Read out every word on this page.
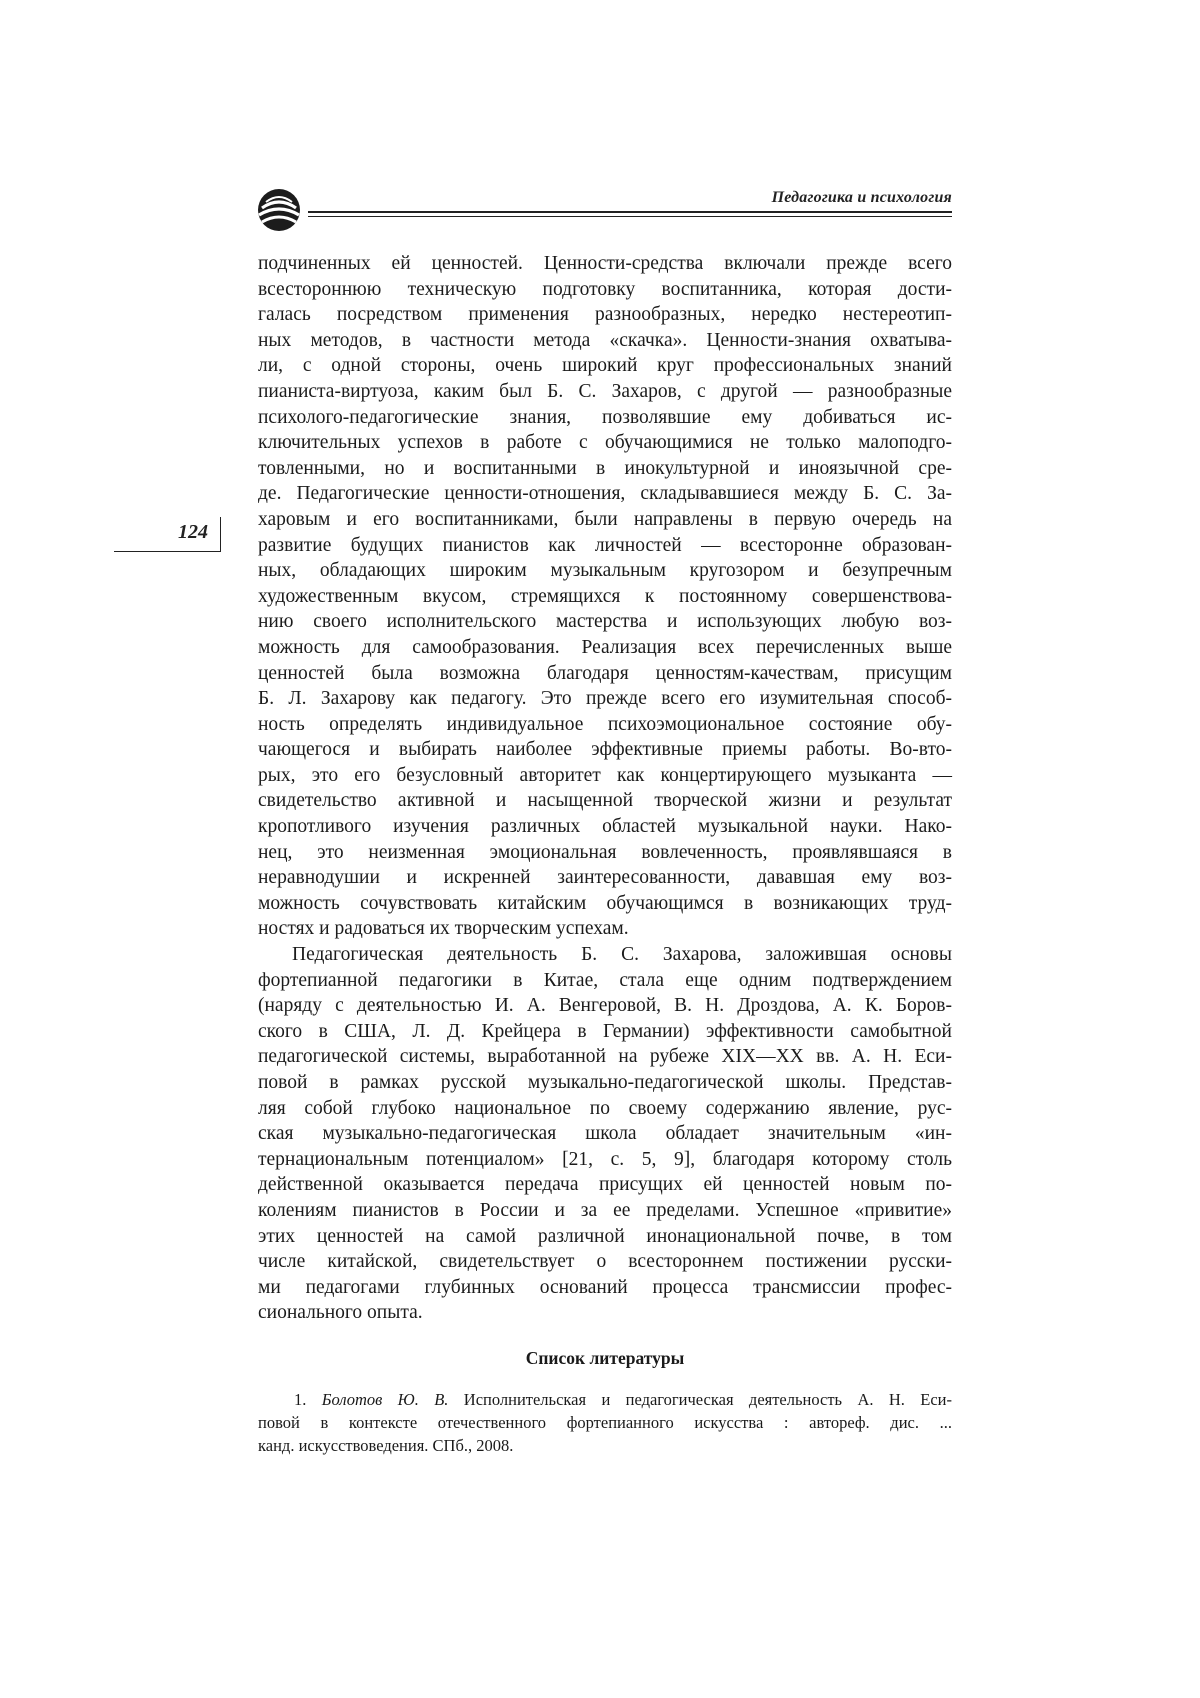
Педагогика и психология
124
подчиненных ей ценностей. Ценности-средства включали прежде всего
всестороннюю техническую подготовку воспитанника, которая дости-
галась посредством применения разнообразных, нередко нестереотип-
ных методов, в частности метода «скачка». Ценности-знания охватыва-
ли, с одной стороны, очень широкий круг профессиональных знаний
пианиста-виртуоза, каким был Б. С. Захаров, с другой — разнообразные
психолого-педагогические знания, позволявшие ему добиваться ис-
ключительных успехов в работе с обучающимися не только малоподго-
товленными, но и воспитанными в инокультурной и иноязычной сре-
де. Педагогические ценности-отношения, складывавшиеся между Б. С. За-
харовым и его воспитанниками, были направлены в первую очередь на
развитие будущих пианистов как личностей — всесторонне образован-
ных, обладающих широким музыкальным кругозором и безупречным
художественным вкусом, стремящихся к постоянному совершенствова-
нию своего исполнительского мастерства и использующих любую воз-
можность для самообразования. Реализация всех перечисленных выше
ценностей была возможна благодаря ценностям-качествам, присущим
Б. Л. Захарову как педагогу. Это прежде всего его изумительная способ-
ность определять индивидуальное психоэмоциональное состояние обу-
чающегося и выбирать наиболее эффективные приемы работы. Во-вто-
рых, это его безусловный авторитет как концертирующего музыканта —
свидетельство активной и насыщенной творческой жизни и результат
кропотливого изучения различных областей музыкальной науки. Нако-
нец, это неизменная эмоциональная вовлеченность, проявлявшаяся в
неравнодушии и искренней заинтересованности, дававшая ему воз-
можность сочувствовать китайским обучающимся в возникающих труд-
ностях и радоваться их творческим успехам.
Педагогическая деятельность Б. С. Захарова, заложившая основы
фортепианной педагогики в Китае, стала еще одним подтверждением
(наряду с деятельностью И. А. Венгеровой, В. Н. Дроздова, А. К. Боров-
ского в США, Л. Д. Крейцера в Германии) эффективности самобытной
педагогической системы, выработанной на рубеже XIX—XX вв. А. Н. Еси-
повой в рамках русской музыкально-педагогической школы. Представ-
ляя собой глубоко национальное по своему содержанию явление, рус-
ская музыкально-педагогическая школа обладает значительным «ин-
тернациональным потенциалом» [21, с. 5, 9], благодаря которому столь
действенной оказывается передача присущих ей ценностей новым по-
колениям пианистов в России и за ее пределами. Успешное «привитие»
этих ценностей на самой различной инонациональной почве, в том
числе китайской, свидетельствует о всестороннем постижении русски-
ми педагогами глубинных оснований процесса трансмиссии профес-
сионального опыта.
Список литературы
1. Болотов Ю. В. Исполнительская и педагогическая деятельность А. Н. Еси-
повой в контексте отечественного фортепианного искусства : автореф. дис. ...
канд. искусствоведения. СПб., 2008.
